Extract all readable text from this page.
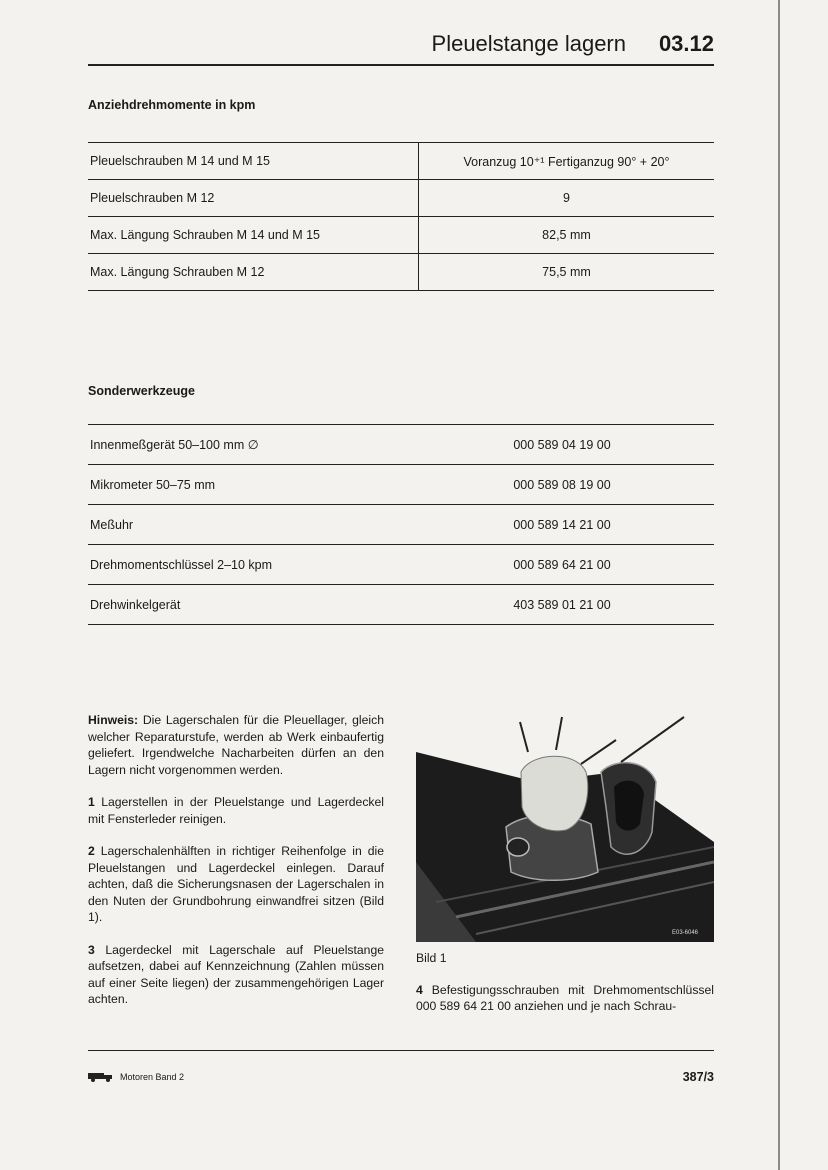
Pleuelstange lagern 03.12
Anziehdrehmomente in kpm
Pleuelschrauben M 14 und M 15	Voranzug 10⁺¹ Fertiganzug 90° + 20°
Pleuelschrauben M 12	9
Max. Längung Schrauben M 14 und M 15	82,5 mm
Max. Längung Schrauben M 12	75,5 mm
Sonderwerkzeuge
Innenmeßgerät 50–100 mm ∅	000 589 04 19 00
Mikrometer 50–75 mm	000 589 08 19 00
Meßuhr	000 589 14 21 00
Drehmomentschlüssel 2–10 kpm	000 589 64 21 00
Drehwinkelgerät	403 589 01 21 00

Hinweis: Die Lagerschalen für die Pleuellager, gleich welcher Reparaturstufe, werden ab Werk einbaufertig geliefert. Irgendwelche Nacharbeiten dürfen an den Lagern nicht vorgenommen werden.

1 Lagerstellen in der Pleuelstange und Lagerdeckel mit Fensterleder reinigen.

2 Lagerschalenhälften in richtiger Reihenfolge in die Pleuelstangen und Lagerdeckel einlegen. Darauf achten, daß die Sicherungsnasen der Lagerschalen in den Nuten der Grundbohrung einwandfrei sitzen (Bild 1).

3 Lagerdeckel mit Lagerschale auf Pleuelstange aufsetzen, dabei auf Kennzeichnung (Zahlen müssen auf einer Seite liegen) der zusammengehörigen Lager achten.

E03-6046

Bild 1

4 Befestigungsschrauben mit Drehmomentschlüssel 000 589 64 21 00 anziehen und je nach Schrau-

Motoren Band 2	387/3
